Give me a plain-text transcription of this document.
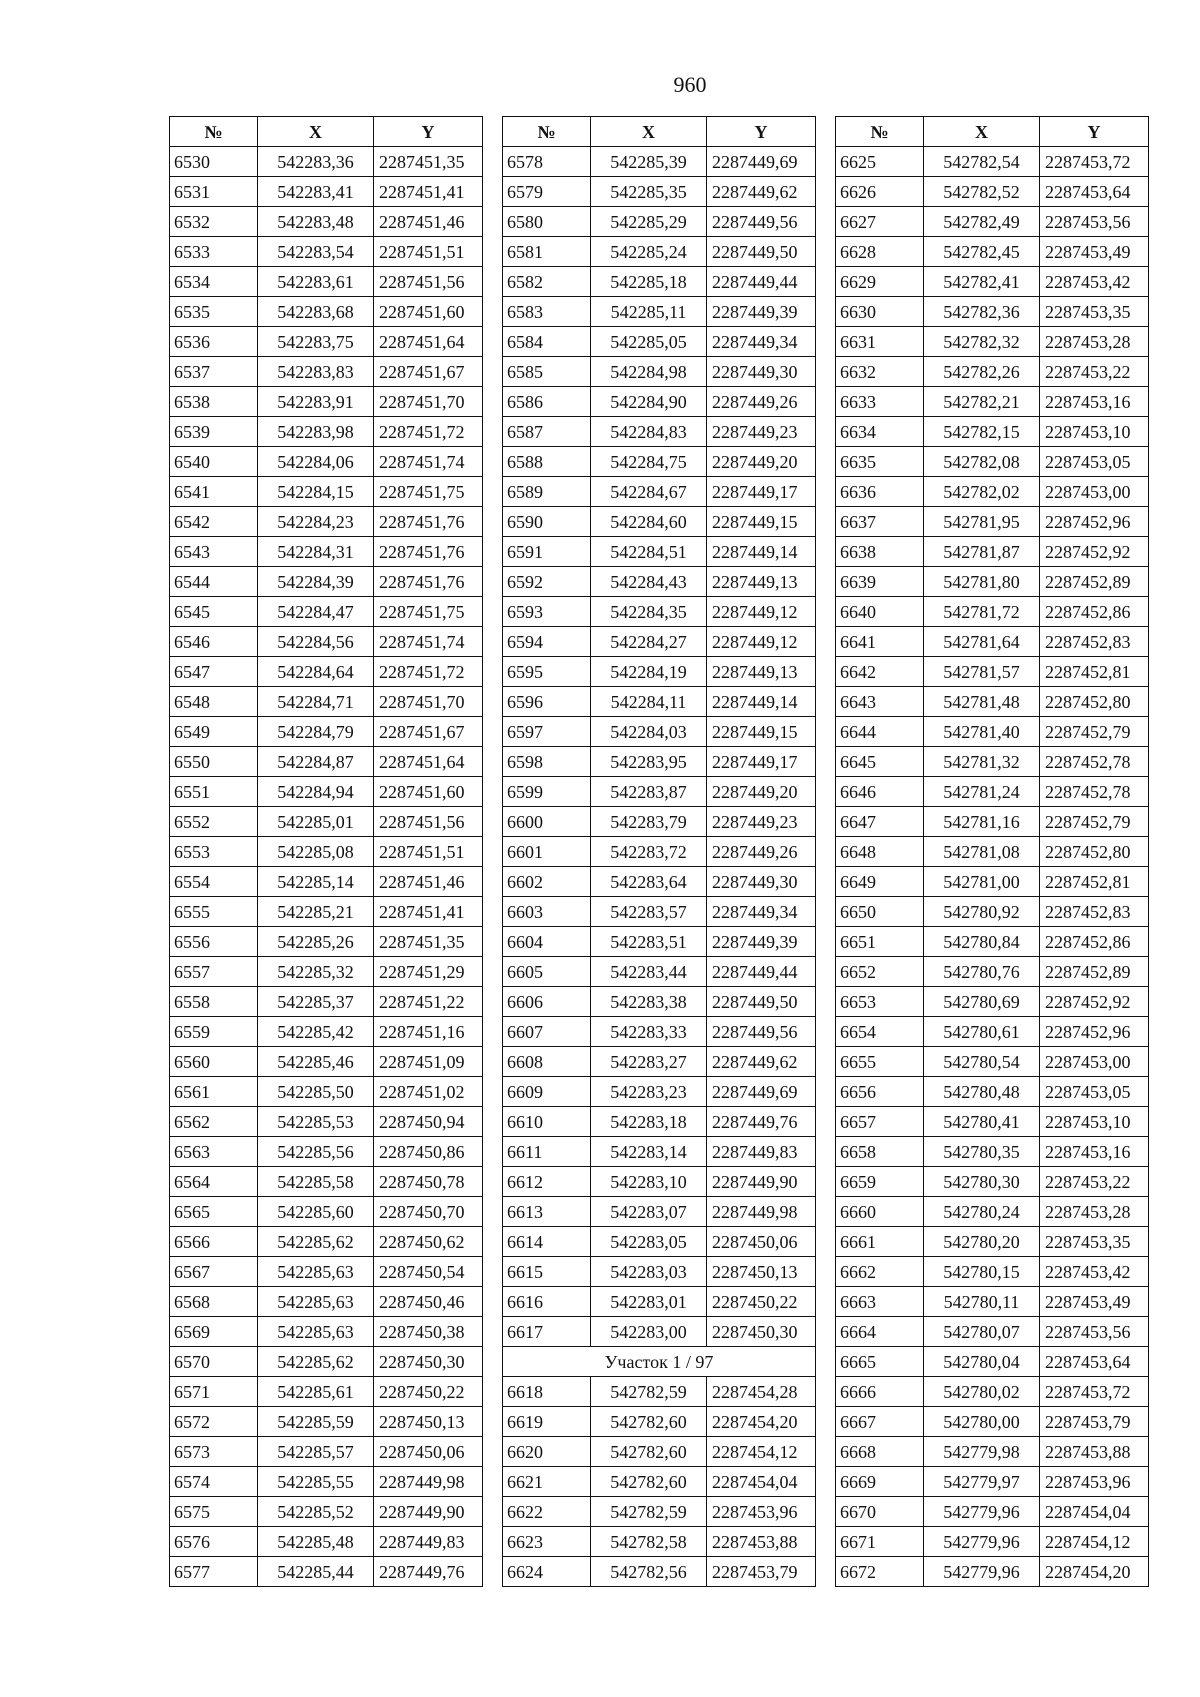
960
№	X	Y
6530	542283,36	2287451,35
6531	542283,41	2287451,41
6532	542283,48	2287451,46
6533	542283,54	2287451,51
6534	542283,61	2287451,56
6535	542283,68	2287451,60
6536	542283,75	2287451,64
6537	542283,83	2287451,67
6538	542283,91	2287451,70
6539	542283,98	2287451,72
6540	542284,06	2287451,74
6541	542284,15	2287451,75
6542	542284,23	2287451,76
6543	542284,31	2287451,76
6544	542284,39	2287451,76
6545	542284,47	2287451,75
6546	542284,56	2287451,74
6547	542284,64	2287451,72
6548	542284,71	2287451,70
6549	542284,79	2287451,67
6550	542284,87	2287451,64
6551	542284,94	2287451,60
6552	542285,01	2287451,56
6553	542285,08	2287451,51
6554	542285,14	2287451,46
6555	542285,21	2287451,41
6556	542285,26	2287451,35
6557	542285,32	2287451,29
6558	542285,37	2287451,22
6559	542285,42	2287451,16
6560	542285,46	2287451,09
6561	542285,50	2287451,02
6562	542285,53	2287450,94
6563	542285,56	2287450,86
6564	542285,58	2287450,78
6565	542285,60	2287450,70
6566	542285,62	2287450,62
6567	542285,63	2287450,54
6568	542285,63	2287450,46
6569	542285,63	2287450,38
6570	542285,62	2287450,30
6571	542285,61	2287450,22
6572	542285,59	2287450,13
6573	542285,57	2287450,06
6574	542285,55	2287449,98
6575	542285,52	2287449,90
6576	542285,48	2287449,83
6577	542285,44	2287449,76
№	X	Y
6578	542285,39	2287449,69
6579	542285,35	2287449,62
6580	542285,29	2287449,56
6581	542285,24	2287449,50
6582	542285,18	2287449,44
6583	542285,11	2287449,39
6584	542285,05	2287449,34
6585	542284,98	2287449,30
6586	542284,90	2287449,26
6587	542284,83	2287449,23
6588	542284,75	2287449,20
6589	542284,67	2287449,17
6590	542284,60	2287449,15
6591	542284,51	2287449,14
6592	542284,43	2287449,13
6593	542284,35	2287449,12
6594	542284,27	2287449,12
6595	542284,19	2287449,13
6596	542284,11	2287449,14
6597	542284,03	2287449,15
6598	542283,95	2287449,17
6599	542283,87	2287449,20
6600	542283,79	2287449,23
6601	542283,72	2287449,26
6602	542283,64	2287449,30
6603	542283,57	2287449,34
6604	542283,51	2287449,39
6605	542283,44	2287449,44
6606	542283,38	2287449,50
6607	542283,33	2287449,56
6608	542283,27	2287449,62
6609	542283,23	2287449,69
6610	542283,18	2287449,76
6611	542283,14	2287449,83
6612	542283,10	2287449,90
6613	542283,07	2287449,98
6614	542283,05	2287450,06
6615	542283,03	2287450,13
6616	542283,01	2287450,22
6617	542283,00	2287450,30
Участок 1 / 97		
6618	542782,59	2287454,28
6619	542782,60	2287454,20
6620	542782,60	2287454,12
6621	542782,60	2287454,04
6622	542782,59	2287453,96
6623	542782,58	2287453,88
6624	542782,56	2287453,79
№	X	Y
6625	542782,54	2287453,72
6626	542782,52	2287453,64
6627	542782,49	2287453,56
6628	542782,45	2287453,49
6629	542782,41	2287453,42
6630	542782,36	2287453,35
6631	542782,32	2287453,28
6632	542782,26	2287453,22
6633	542782,21	2287453,16
6634	542782,15	2287453,10
6635	542782,08	2287453,05
6636	542782,02	2287453,00
6637	542781,95	2287452,96
6638	542781,87	2287452,92
6639	542781,80	2287452,89
6640	542781,72	2287452,86
6641	542781,64	2287452,83
6642	542781,57	2287452,81
6643	542781,48	2287452,80
6644	542781,40	2287452,79
6645	542781,32	2287452,78
6646	542781,24	2287452,78
6647	542781,16	2287452,79
6648	542781,08	2287452,80
6649	542781,00	2287452,81
6650	542780,92	2287452,83
6651	542780,84	2287452,86
6652	542780,76	2287452,89
6653	542780,69	2287452,92
6654	542780,61	2287452,96
6655	542780,54	2287453,00
6656	542780,48	2287453,05
6657	542780,41	2287453,10
6658	542780,35	2287453,16
6659	542780,30	2287453,22
6660	542780,24	2287453,28
6661	542780,20	2287453,35
6662	542780,15	2287453,42
6663	542780,11	2287453,49
6664	542780,07	2287453,56
6665	542780,04	2287453,64
6666	542780,02	2287453,72
6667	542780,00	2287453,79
6668	542779,98	2287453,88
6669	542779,97	2287453,96
6670	542779,96	2287454,04
6671	542779,96	2287454,12
6672	542779,96	2287454,20
